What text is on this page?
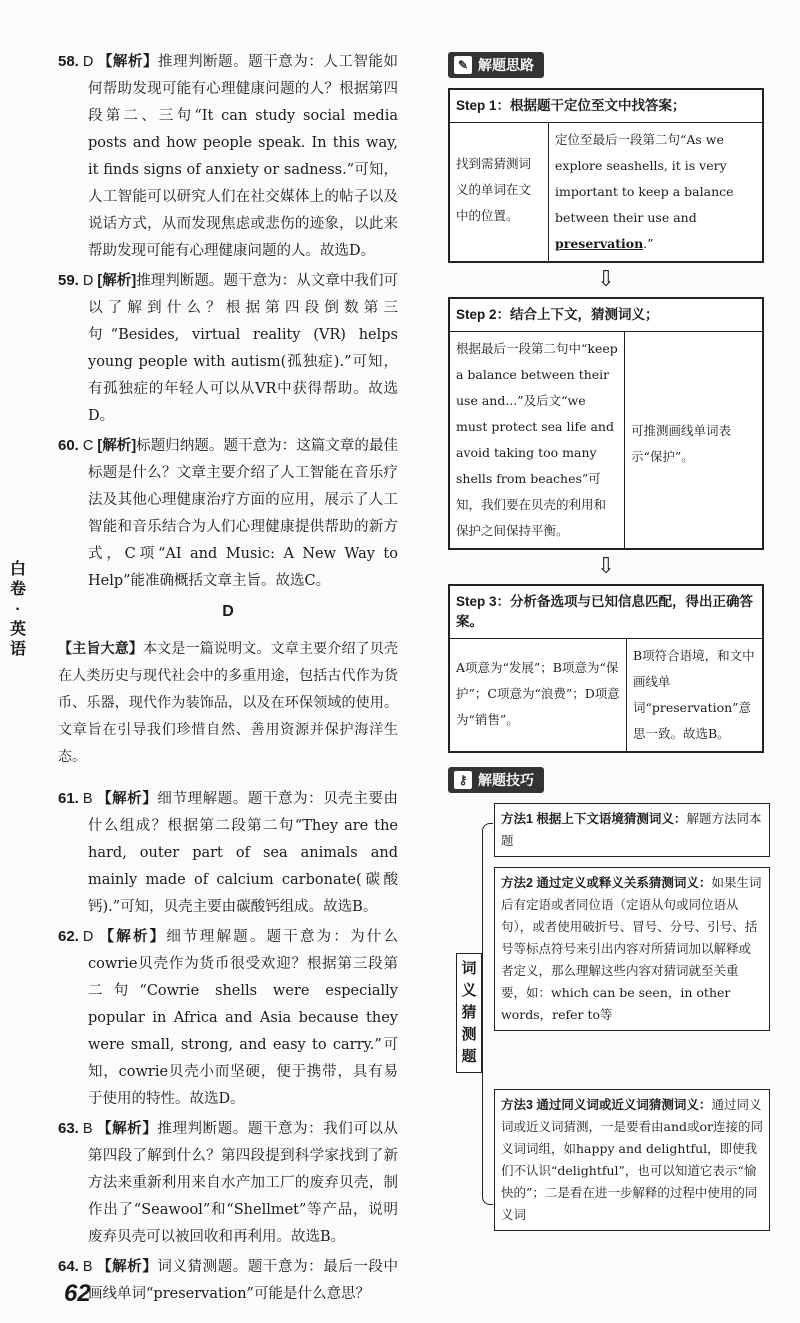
58. D 【解析】推理判断题。题干意为：人工智能如何帮助发现可能有心理健康问题的人？根据第四段第二、三句“It can study social media posts and how people speak. In this way, it finds signs of anxiety or sadness.”可知，人工智能可以研究人们在社交媒体上的帖子以及说话方式，从而发现焦虑或悲伤的迹象，以此来帮助发现可能有心理健康问题的人。故选D。

59. D [解析]推理判断题。题干意为：从文章中我们可以了解到什么？根据第四段倒数第三句“Besides, virtual reality (VR) helps young people with autism(孤独症).”可知，有孤独症的年轻人可以从VR中获得帮助。故选D。

60. C [解析]标题归纳题。题干意为：这篇文章的最佳标题是什么？文章主要介绍了人工智能在音乐疗法及其他心理健康治疗方面的应用，展示了人工智能和音乐结合为人们心理健康提供帮助的新方式，C项“AI and Music: A New Way to Help”能准确概括文章主旨。故选C。

D

【主旨大意】本文是一篇说明文。文章主要介绍了贝壳在人类历史与现代社会中的多重用途，包括古代作为货币、乐器，现代作为装饰品，以及在环保领域的使用。文章旨在引导我们珍惜自然、善用资源并保护海洋生态。

61. B 【解析】细节理解题。题干意为：贝壳主要由什么组成？根据第二段第二句“They are the hard, outer part of sea animals and mainly made of calcium carbonate(碳酸钙).”可知，贝壳主要由碳酸钙组成。故选B。

62. D 【解析】细节理解题。题干意为：为什么cowrie贝壳作为货币很受欢迎？根据第三段第二句“Cowrie shells were especially popular in Africa and Asia because they were small, strong, and easy to carry.”可知，cowrie贝壳小而坚硬，便于携带，具有易于使用的特性。故选D。

63. B 【解析】推理判断题。题干意为：我们可以从第四段了解到什么？第四段提到科学家找到了新方法来重新利用来自水产加工厂的废弃贝壳，制作出了“Seawool”和“Shellmet”等产品，说明废弃贝壳可以被回收和再利用。故选B。

64. B 【解析】词义猜测题。题干意为：最后一段中画线单词“preservation”可能是什么意思？

白
卷
·
英
语
62
✎ 解题思路
Step 1：根据题干定位至文中找答案；
找到需猜测词义的单词在文中的位置。
定位至最后一段第二句“As we explore seashells, it is very important to keep a balance between their use and preservation.”
⇩
Step 2：结合上下文，猜测词义；
根据最后一段第二句中“keep a balance between their use and...”及后文“we must protect sea life and avoid taking too many shells from beaches”可知，我们要在贝壳的利用和保护之间保持平衡。
可推测画线单词表示“保护”。
⇩
Step 3：分析备选项与已知信息匹配，得出正确答案。
A项意为“发展”；B项意为“保护”；C项意为“浪费”；D项意为“销售”。
B项符合语境，和文中画线单词“preservation”意思一致。故选B。
⚷ 解题技巧
词
义
猜
测
题
方法1 根据上下文语境猜测词义：解题方法同本题
方法2 通过定义或释义关系猜测词义：如果生词后有定语或者同位语（定语从句或同位语从句），或者使用破折号、冒号、分号、引号、括号等标点符号来引出内容对所猜词加以解释或者定义，那么理解这些内容对猜词就至关重要，如：which can be seen，in other words，refer to等
方法3 通过同义词或近义词猜测词义：通过同义词或近义词猜测，一是要看由and或or连接的同义词词组，如happy and delightful，即使我们不认识“delightful”，也可以知道它表示“愉快的”；二是看在进一步解释的过程中使用的同义词
